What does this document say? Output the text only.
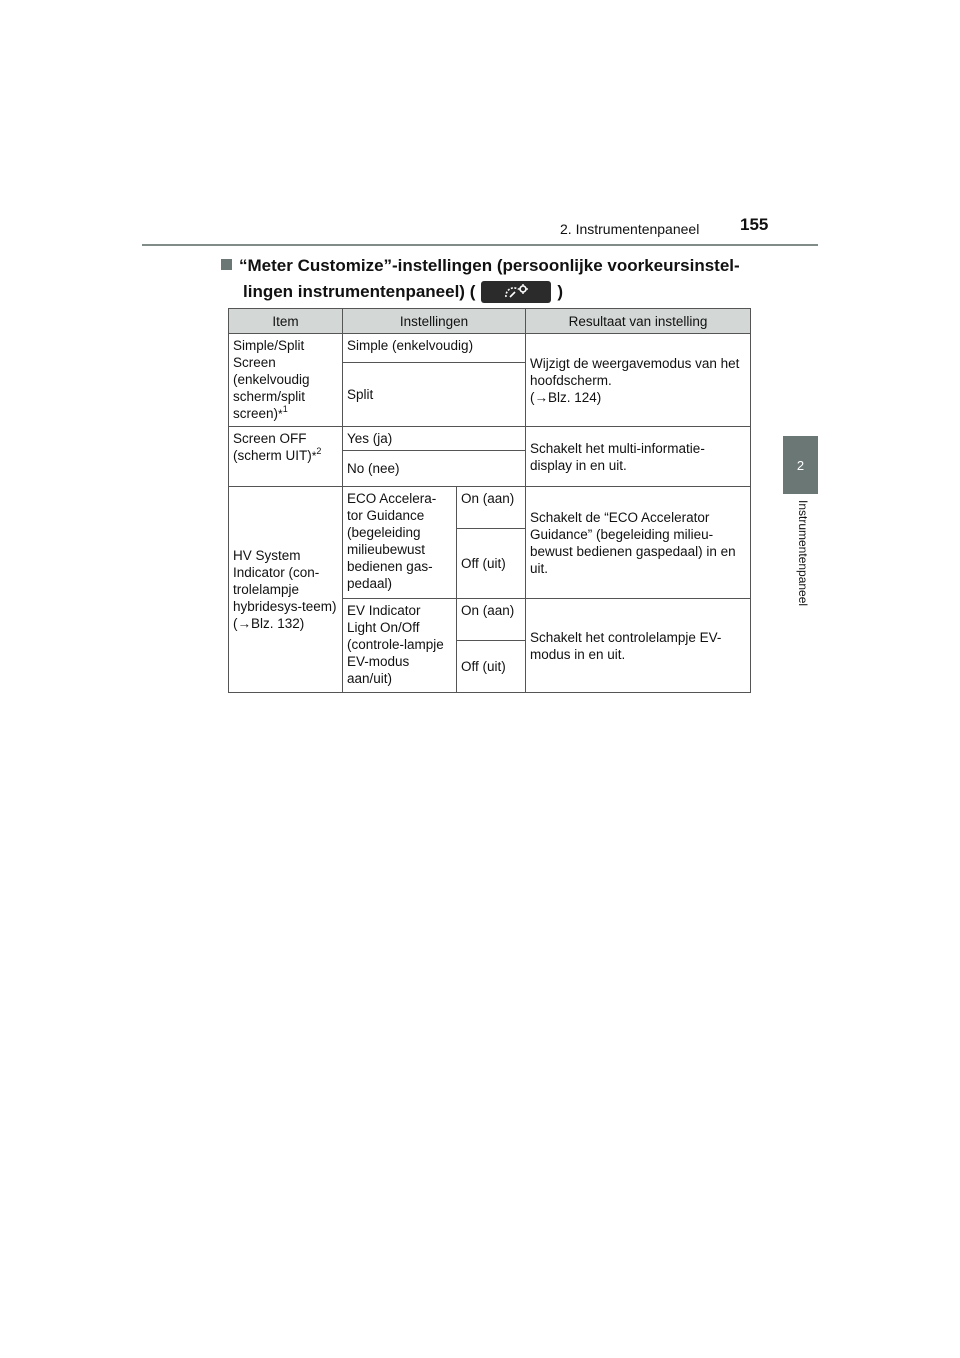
2. Instrumentenpaneel 155
2
Instrumentenpaneel
“Meter Customize”-instellingen (persoonlijke voorkeursinstel-
lingen instrumentenpaneel) (	)
Item	Instellingen		Resultaat van instelling
Simple/Split Screen (enkelvoudig scherm/split screen)*$^1$	Simple (enkelvoudig)		Wijzigt de weergavemodus van het hoofdscherm.
(→Blz. 124)

	Split		
Screen OFF (scherm UIT)*$^2$	Yes (ja)		Schakelt het multi-informatie-display in en uit.
	No (nee)		

HV System Indicator (con-trolelampje hybridesys-teem)
(→Blz. 132)	ECO Accelera-tor Guidance (begeleiding milieubewust bedienen gas-pedaal)	On (aan)	Schakelt de “ECO Accelerator Guidance” (begeleiding milieu-bewust bedienen gaspedaal) in en uit.
		Off (uit)	
	EV Indicator Light On/Off (controle-lampje EV-modus aan/uit)	On (aan)	Schakelt het controlelampje EV-modus in en uit.
		Off (uit)	
